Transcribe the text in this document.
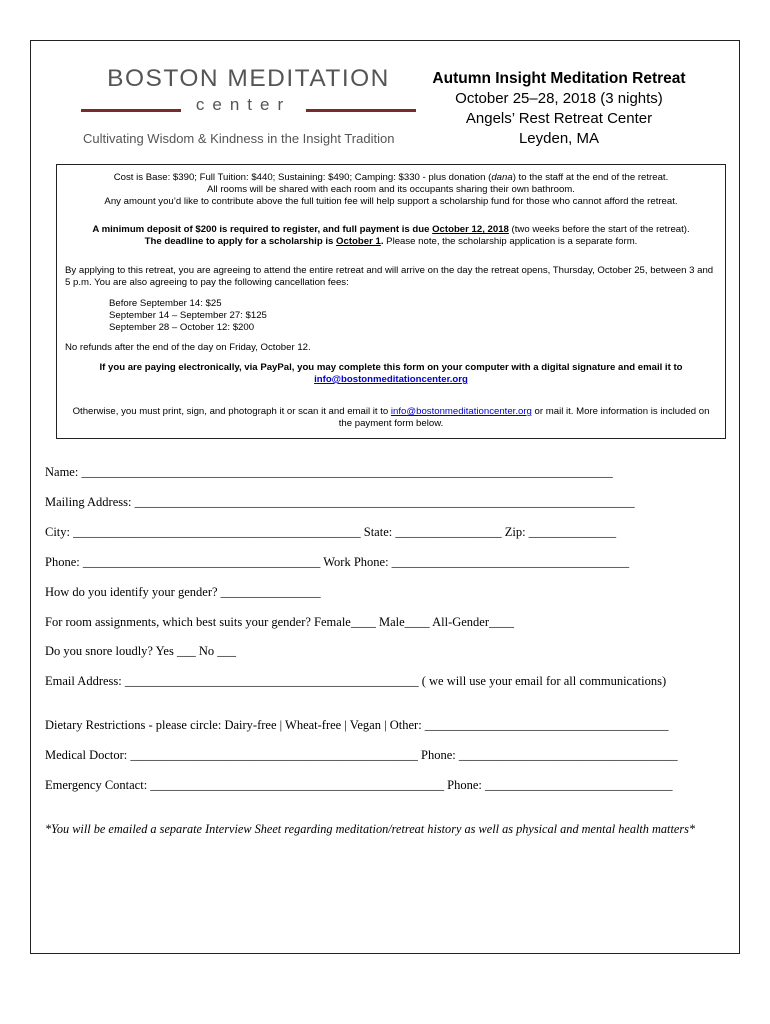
BOSTON MEDITATION
center
Cultivating Wisdom & Kindness in the Insight Tradition
Autumn Insight Meditation Retreat
October 25–28, 2018 (3 nights)
Angels’ Rest Retreat Center
Leyden, MA

Cost is Base: $390; Full Tuition: $440; Sustaining: $490; Camping: $330 - plus donation (dana) to the staff at the end of the retreat.

All rooms will be shared with each room and its occupants sharing their own bathroom.

Any amount you’d like to contribute above the full tuition fee will help support a scholarship fund for those who cannot afford the retreat.

A minimum deposit of $200 is required to register, and full payment is due October 12, 2018 (two weeks before the start of the retreat).

The deadline to apply for a scholarship is October 1. Please note, the scholarship application is a separate form.

By applying to this retreat, you are agreeing to attend the entire retreat and will arrive on the day the retreat opens, Thursday, October 25, between 3 and 5 p.m. You are also agreeing to pay the following cancellation fees:

Before September 14: $25

September 14 – September 27: $125

September 28 – October 12: $200

No refunds after the end of the day on Friday, October 12.

If you are paying electronically, via PayPal, you may complete this form on your computer with a digital signature and email it to

info@bostonmeditationcenter.org

Otherwise, you must print, sign, and photograph it or scan it and email it to info@bostonmeditationcenter.org or mail it. More information is included on the payment form below.

Name: _____________________________________________________________________________________
Mailing Address: ________________________________________________________________________________
City: ______________________________________________ State: _________________ Zip: ______________
Phone: ______________________________________ Work Phone: ______________________________________
How do you identify your gender? ________________
For room assignments, which best suits your gender? Female____ Male____ All-Gender____
Do you snore loudly? Yes ___ No ___
Email Address: _______________________________________________ ( we will use your email for all communications)
Dietary Restrictions - please circle: Dairy-free | Wheat-free | Vegan | Other: _______________________________________
Medical Doctor: ______________________________________________ Phone: ___________________________________
Emergency Contact: _______________________________________________ Phone: ______________________________
*You will be emailed a separate Interview Sheet regarding meditation/retreat history as well as physical and mental health matters*
